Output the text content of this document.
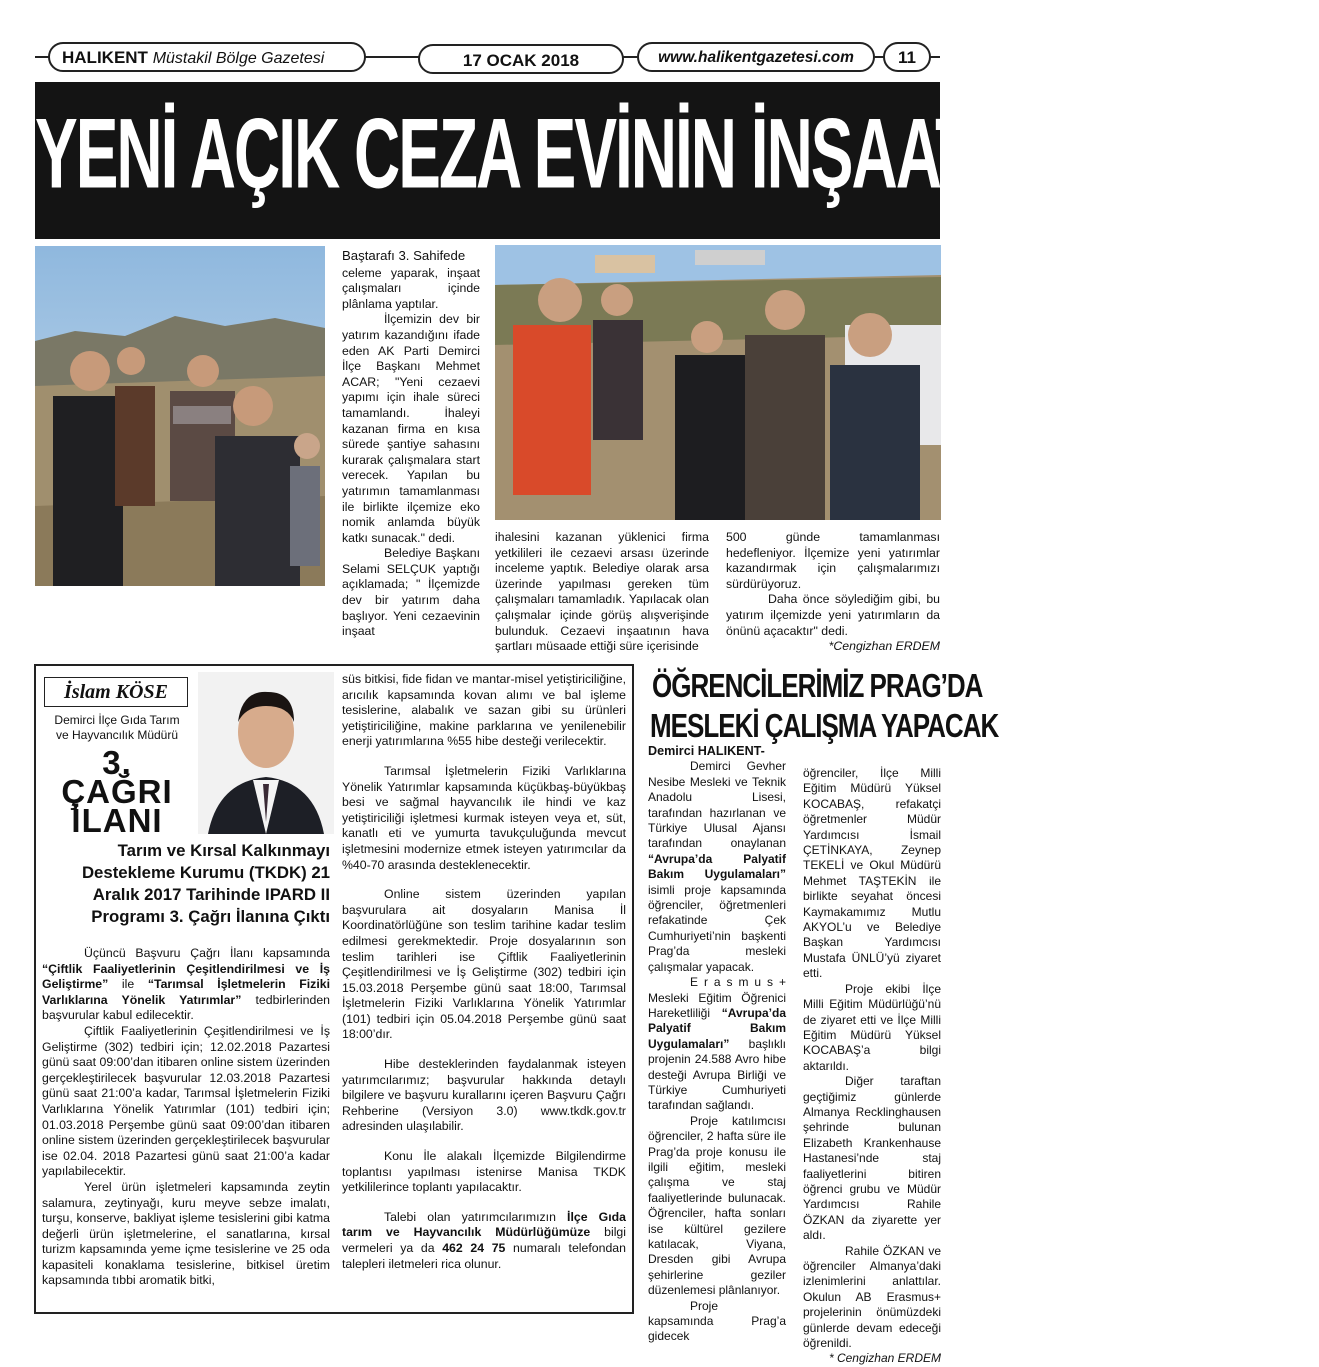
HALIKENT Müstakil Bölge Gazetesi	17 OCAK 2018	www.halikentgazetesi.com	11
YENİ AÇIK CEZA EVİNİN İNŞAATI BAŞLIYOR

Baştarafı 3. Sahifede

celeme yaparak, inşaat çalışmaları içinde plânlama yaptılar.

İlçemizin dev bir yatırım kazandığını ifade eden AK Parti Demirci İlçe Başkanı Mehmet ACAR; "Yeni cezaevi yapımı için ihale süreci tamamlandı. İhaleyi kazanan firma en kısa sürede şantiye sahasını kurarak çalışmalara start verecek. Yapılan bu yatırımın tamamlanması ile birlikte ilçemize eko nomik anlamda büyük katkı sunacak." dedi.

Belediye Başkanı Selami SELÇUK yaptığı açıklamada; " İlçemizde dev bir yatırım daha başlıyor. Yeni cezaevinin inşaat

ihalesini kazanan yüklenici firma yetkilileri ile cezaevi arsası üzerinde inceleme yaptık. Belediye olarak arsa üzerinde yapılması gereken tüm çalışmaları tamamladık. Yapılacak olan çalışmalar içinde görüş alışverişinde bulunduk. Cezaevi inşaatının hava şartları müsaade ettiği süre içerisinde

500 günde tamamlanması hedefleniyor. İlçemize yeni yatırımlar kazandırmak için çalışmalarımızı sürdürüyoruz.

Daha önce söylediğim gibi, bu yatırım ilçemizde yeni yatırımların da önünü açacaktır" dedi.

*Cengizhan ERDEM

İslam KÖSE
Demirci İlçe Gıda Tarım
ve Hayvancılık Müdürü
3.
ÇAĞRI
İLANI
Tarım ve Kırsal Kalkınmayı Destekleme Kurumu (TKDK) 21 Aralık 2017 Tarihinde IPARD II Programı 3. Çağrı İlanına Çıktı

Üçüncü Başvuru Çağrı İlanı kapsamında “Çiftlik Faaliyetlerinin Çeşitlendirilmesi ve İş Geliştirme” ile “Tarımsal İşletmelerin Fiziki Varlıklarına Yönelik Yatırımlar” tedbirlerinden başvurular kabul edilecektir.

Çiftlik Faaliyetlerinin Çeşitlendirilmesi ve İş Geliştirme (302) tedbiri için; 12.02.2018 Pazartesi günü saat 09:00’dan itibaren online sistem üzerinden gerçekleştirilecek başvurular 12.03.2018 Pazartesi günü saat 21:00’a kadar, Tarımsal İşletmelerin Fiziki Varlıklarına Yönelik Yatırımlar (101) tedbiri için; 01.03.2018 Perşembe günü saat 09:00’dan itibaren online sistem üzerinden gerçekleştirilecek başvurular ise 02.04. 2018 Pazartesi günü saat 21:00’a kadar yapılabilecektir.

Yerel ürün işletmeleri kapsamında zeytin salamura, zeytinyağı, kuru meyve sebze imalatı, turşu, konserve, bakliyat işleme tesislerini gibi katma değerli ürün işletmelerine, el sanatlarına, kırsal turizm kapsamında yeme içme tesislerine ve 25 oda kapasiteli konaklama tesislerine, bitkisel üretim kapsamında tıbbi aromatik bitki,

süs bitkisi, fide fidan ve mantar-misel yetiştiriciliğine, arıcılık kapsamında kovan alımı ve bal işleme tesislerine, alabalık ve sazan gibi su ürünleri yetiştiriciliğine, makine parklarına ve yenilenebilir enerji yatırımlarına %55 hibe desteği verilecektir.

Tarımsal İşletmelerin Fiziki Varlıklarına Yönelik Yatırımlar kapsamında küçükbaş-büyükbaş besi ve sağmal hayvancılık ile hindi ve kaz yetiştiriciliği işletmesi kurmak isteyen veya et, süt, kanatlı eti ve yumurta tavukçuluğunda mevcut işletmesini modernize etmek isteyen yatırımcılar da %40-70 arasında desteklenecektir.

Online sistem üzerinden yapılan başvurulara ait dosyaların Manisa İl Koordinatörlüğüne son teslim tarihine kadar teslim edilmesi gerekmektedir. Proje dosyalarının son teslim tarihleri ise Çiftlik Faaliyetlerinin Çeşitlendirilmesi ve İş Geliştirme (302) tedbiri için 15.03.2018 Perşembe günü saat 18:00, Tarımsal İşletmelerin Fiziki Varlıklarına Yönelik Yatırımlar (101) tedbiri için 05.04.2018 Perşembe günü saat 18:00’dır.

Hibe desteklerinden faydalanmak isteyen yatırımcılarımız; başvurular hakkında detaylı bilgilere ve başvuru kurallarını içeren Başvuru Çağrı Rehberine (Versiyon 3.0) www.tkdk.gov.tr adresinden ulaşılabilir.

Konu İle alakalı İlçemizde Bilgilendirme toplantısı yapılması istenirse Manisa TKDK yetkililerince toplantı yapılacaktır.

Talebi olan yatırımcılarımızın İlçe Gıda tarım ve Hayvancılık Müdürlüğümüze bilgi vermeleri ya da 462 24 75 numaralı telefondan talepleri iletmeleri rica olunur.

ÖĞRENCİLERİMİZ PRAG’DA
MESLEKİ ÇALIŞMA YAPACAK

Demirci HALIKENT-

Demirci Gevher Nesibe Mesleki ve Teknik Anadolu Lisesi, tarafından hazırlanan ve Türkiye Ulusal Ajansı tarafından onaylanan “Avrupa’da Palyatif Bakım Uygulamaları” isimli proje kapsamında öğrenciler, öğretmenleri refakatinde Çek Cumhuriyeti’nin başkenti Prag’da mesleki çalışmalar yapacak.

E r a s m u s + Mesleki Eğitim Öğrenici Hareketliliği “Avrupa’da Palyatif Bakım Uygulamaları” başlıklı projenin 24.588 Avro hibe desteği Avrupa Birliği ve Türkiye Cumhuriyeti tarafından sağlandı.

Proje katılımcısı öğrenciler, 2 hafta süre ile Prag’da proje konusu ile ilgili eğitim, mesleki çalışma ve staj faaliyetlerinde bulunacak. Öğrenciler, hafta sonları ise kültürel gezilere katılacak, Viyana, Dresden gibi Avrupa şehirlerine geziler düzenlemesi plânlanıyor.

Proje kapsamında Prag’a gidecek

öğrenciler, İlçe Milli Eğitim Müdürü Yüksel KOCABAŞ, refakatçi öğretmenler Müdür Yardımcısı İsmail ÇETİNKAYA, Zeynep TEKELİ ve Okul Müdürü Mehmet TAŞTEKİN ile birlikte seyahat öncesi Kaymakamımız Mutlu AKYOL’u ve Belediye Başkan Yardımcısı Mustafa ÜNLÜ’yü ziyaret etti.

Proje ekibi İlçe Milli Eğitim Müdürlüğü’nü de ziyaret etti ve İlçe Milli Eğitim Müdürü Yüksel KOCABAŞ’a bilgi aktarıldı.

Diğer taraftan geçtiğimiz günlerde Almanya Recklinghausen şehrinde bulunan Elizabeth Krankenhause Hastanesi’nde staj faaliyetlerini bitiren öğrenci grubu ve Müdür Yardımcısı Rahile ÖZKAN da ziyarette yer aldı.

Rahile ÖZKAN ve öğrenciler Almanya’daki izlenimlerini anlattılar. Okulun AB Erasmus+ projelerinin önümüzdeki günlerde devam edeceği öğrenildi.

* Cengizhan ERDEM
